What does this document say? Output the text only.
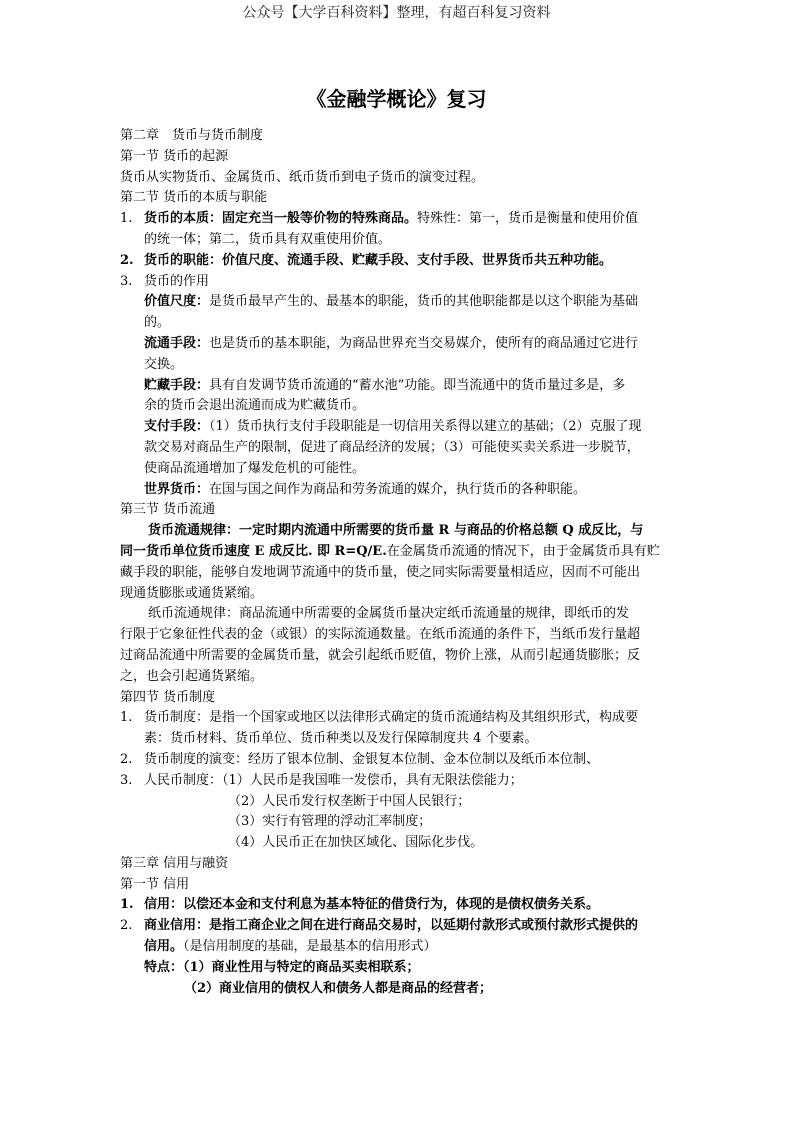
公众号【大学百科资料】整理，有超百科复习资料
《金融学概论》复习
第二章　货币与货币制度
第一节 货币的起源
货币从实物货币、金属货币、纸币货币到电子货币的演变过程。
第二节 货币的本质与职能
1. 货币的本质：固定充当一般等价物的特殊商品。特殊性：第一，货币是衡量和使用价值
的统一体；第二，货币具有双重使用价值。
2. 货币的职能：价值尺度、流通手段、贮藏手段、支付手段、世界货币共五种功能。
3. 货币的作用
价值尺度：是货币最早产生的、最基本的职能，货币的其他职能都是以这个职能为基础
的。
流通手段：也是货币的基本职能，为商品世界充当交易媒介，使所有的商品通过它进行
交换。
贮藏手段：具有自发调节货币流通的“蓄水池”功能。即当流通中的货币量过多是，多
余的货币会退出流通而成为贮藏货币。
支付手段：（1）货币执行支付手段职能是一切信用关系得以建立的基础；（2）克服了现
款交易对商品生产的限制，促进了商品经济的发展；（3）可能使买卖关系进一步脱节，
使商品流通增加了爆发危机的可能性。
世界货币：在国与国之间作为商品和劳务流通的媒介，执行货币的各种职能。
第三节 货币流通
货币流通规律：一定时期内流通中所需要的货币量 R 与商品的价格总额 Q 成反比，与
同一货币单位货币速度 E 成反比. 即 R=Q/E.在金属货币流通的情况下，由于金属货币具有贮
藏手段的职能，能够自发地调节流通中的货币量，使之同实际需要量相适应，因而不可能出
现通货膨胀或通货紧缩。
纸币流通规律：商品流通中所需要的金属货币量决定纸币流通量的规律，即纸币的发
行限于它象征性代表的金（或银）的实际流通数量。在纸币流通的条件下，当纸币发行量超
过商品流通中所需要的金属货币量，就会引起纸币贬值，物价上涨，从而引起通货膨胀；反
之，也会引起通货紧缩。
第四节 货币制度
1. 货币制度：是指一个国家或地区以法律形式确定的货币流通结构及其组织形式，构成要
素：货币材料、货币单位、货币种类以及发行保障制度共 4 个要素。
2. 货币制度的演变：经历了银本位制、金银复本位制、金本位制以及纸币本位制、
3. 人民币制度：（1）人民币是我国唯一发偿币，具有无限法偿能力；
（2）人民币发行权垄断于中国人民银行；
（3）实行有管理的浮动汇率制度；
（4）人民币正在加快区域化、国际化步伐。
第三章 信用与融资
第一节 信用
1. 信用：以偿还本金和支付利息为基本特征的借贷行为，体现的是债权债务关系。
2. 商业信用：是指工商企业之间在进行商品交易时，以延期付款形式或预付款形式提供的
信用。（是信用制度的基础，是最基本的信用形式）
特点：（1）商业性用与特定的商品买卖相联系；
（2）商业信用的债权人和债务人都是商品的经营者；
